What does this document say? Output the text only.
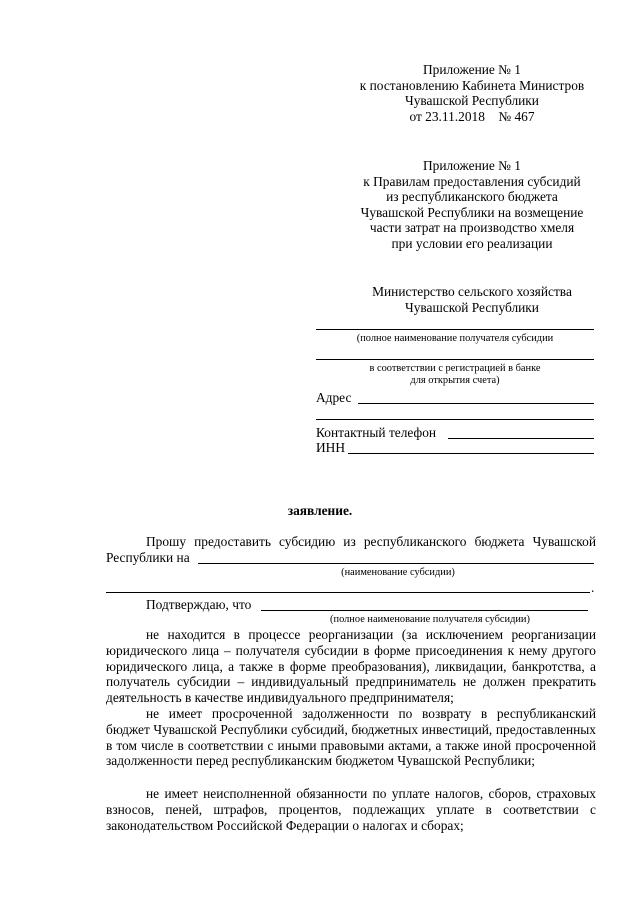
Приложение № 1
к постановлению Кабинета Министров
Чувашской Республики
от 23.11.2018    № 467
Приложение № 1
к Правилам предоставления субсидий
из республиканского бюджета
Чувашской Республики на возмещение
части затрат на производство хмеля
при условии его реализации
Министерство сельского хозяйства
Чувашской Республики
(полное наименование получателя субсидии
в соответствии с регистрацией в банке
для открытия счета)
Адрес
Контактный телефон
ИНН
заявление.
Прошу предоставить субсидию из республиканского бюджета Чувашской
Республики на
(наименование субсидии)
.
Подтверждаю, что
(полное наименование получателя субсидии)

не находится в процессе реорганизации (за исключением реорганизации юридического лица – получателя субсидии в форме присоединения к нему другого юридического лица, а также в форме преобразования), ликвидации, банкротства, а получатель субсидии – индивидуальный предприниматель не должен прекратить деятельность в качестве индивидуального предпринимателя;

не имеет просроченной задолженности по возврату в республиканский бюджет Чувашской Республики субсидий, бюджетных инвестиций, предоставленных в том числе в соответствии с иными правовыми актами, а также иной просроченной задолженности перед республиканским бюджетом Чувашской Республики;

не имеет неисполненной обязанности по уплате налогов, сборов, страховых взносов, пеней, штрафов, процентов, подлежащих уплате в соответствии с законодательством Российской Федерации о налогах и сборах;
